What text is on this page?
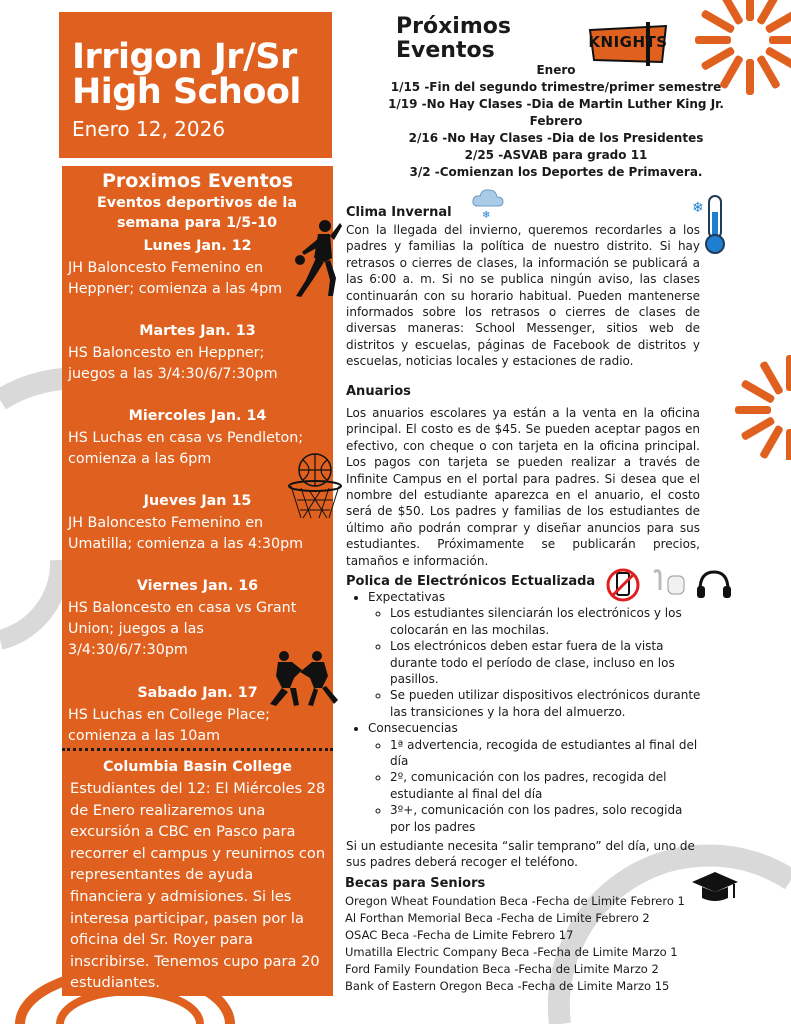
Irrigon Jr/Sr High School
Enero 12, 2026
Proximos Eventos
Eventos deportivos de la semana para 1/5-10
Lunes Jan. 12
JH Baloncesto Femenino en Heppner; comienza a las 4pm
Martes Jan. 13
HS Baloncesto en Heppner; juegos a las 3/4:30/6/7:30pm
Miercoles Jan. 14
HS Luchas en casa vs Pendleton; comienza a las 6pm
Jueves Jan 15
JH Baloncesto Femenino en Umatilla; comienza a las 4:30pm
Viernes Jan. 16
HS Baloncesto en casa vs Grant Union; juegos a las 3/4:30/6/7:30pm
Sabado Jan. 17
HS Luchas en College Place; comienza a las 10am
Columbia Basin College
Estudiantes del 12: El Miércoles 28 de Enero realizaremos una excursión a CBC en Pasco para recorrer el campus y reunirnos con representantes de ayuda financiera y admisiones. Si les interesa participar, pasen por la oficina del Sr. Royer para inscribirse. Tenemos cupo para 20 estudiantes.
Próximos
Eventos	KNIGHTS
Enero
1/15 -Fin del segundo trimestre/primer semestre
1/19 -No Hay Clases -Dia de Martin Luther King Jr.
Febrero
2/16 -No Hay Clases -Dia de los Presidentes
2/25 -ASVAB para grado 11
3/2 -Comienzan los Deportes de Primavera.
Clima Invernal	❄	❄
Con la llegada del invierno, queremos recordarles a los padres y familias la política de nuestro distrito. Si hay retrasos o cierres de clases, la información se publicará a las 6:00 a. m. Si no se publica ningún aviso, las clases continuarán con su horario habitual. Pueden mantenerse informados sobre los retrasos o cierres de clases de diversas maneras: School Messenger, sitios web de distritos y escuelas, páginas de Facebook de distritos y escuelas, noticias locales y estaciones de radio.
Anuarios
Los anuarios escolares ya están a la venta en la oficina principal. El costo es de $45. Se pueden aceptar pagos en efectivo, con cheque o con tarjeta en la oficina principal. Los pagos con tarjeta se pueden realizar a través de Infinite Campus en el portal para padres. Si desea que el nombre del estudiante aparezca en el anuario, el costo será de $50. Los padres y familias de los estudiantes de último año podrán comprar y diseñar anuncios para sus estudiantes. Próximamente se publicarán precios, tamaños e información.
Polica de Electrónicos Ectualizada
• Expectativas
◦ Los estudiantes silenciarán los electrónicos y los colocarán en las mochilas.
◦ Los electrónicos deben estar fuera de la vista durante todo el período de clase, incluso en los pasillos.
◦ Se pueden utilizar dispositivos electrónicos durante las transiciones y la hora del almuerzo.
• Consecuencias
◦ 1ª advertencia, recogida de estudiantes al final del día
◦ 2º, comunicación con los padres, recogida del estudiante al final del día
◦ 3º+, comunicación con los padres, solo recogida por los padres
Si un estudiante necesita “salir temprano” del día, uno de sus padres deberá recoger el teléfono.
Becas para Seniors
Oregon Wheat Foundation Beca -Fecha de Limite Febrero 1
Al Forthan Memorial Beca -Fecha de Limite Febrero 2
OSAC Beca -Fecha de Limite Febrero 17
Umatilla Electric Company Beca -Fecha de Limite Marzo 1
Ford Family Foundation Beca -Fecha de Limite Marzo 2
Bank of Eastern Oregon Beca -Fecha de Limite Marzo 15
